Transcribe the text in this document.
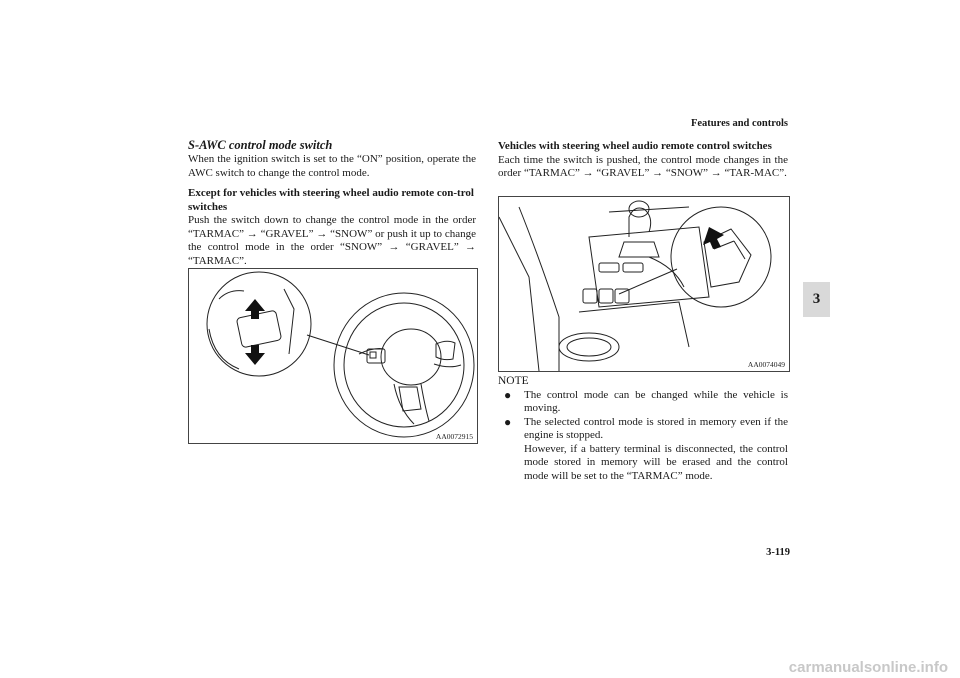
Features and controls
3

S-AWC control mode switch

When the ignition switch is set to the “ON” position, operate the AWC switch to change the control mode.

Except for vehicles with steering wheel audio remote con-trol switches

Push the switch down to change the control mode in the order “TARMAC” → “GRAVEL” → “SNOW” or push it up to change the control mode in the order “SNOW” → “GRAVEL” → “TARMAC”.

AA0072915

Vehicles with steering wheel audio remote control switches

Each time the switch is pushed, the control mode changes in the order “TARMAC” → “GRAVEL” → “SNOW” → “TAR-MAC”.

AA0074049

NOTE

● The control mode can be changed while the vehicle is moving.
● The selected control mode is stored in memory even if the engine is stopped.
However, if a battery terminal is disconnected, the control mode stored in memory will be erased and the control mode will be set to the “TARMAC” mode.
3-119
carmanualsonline.info
